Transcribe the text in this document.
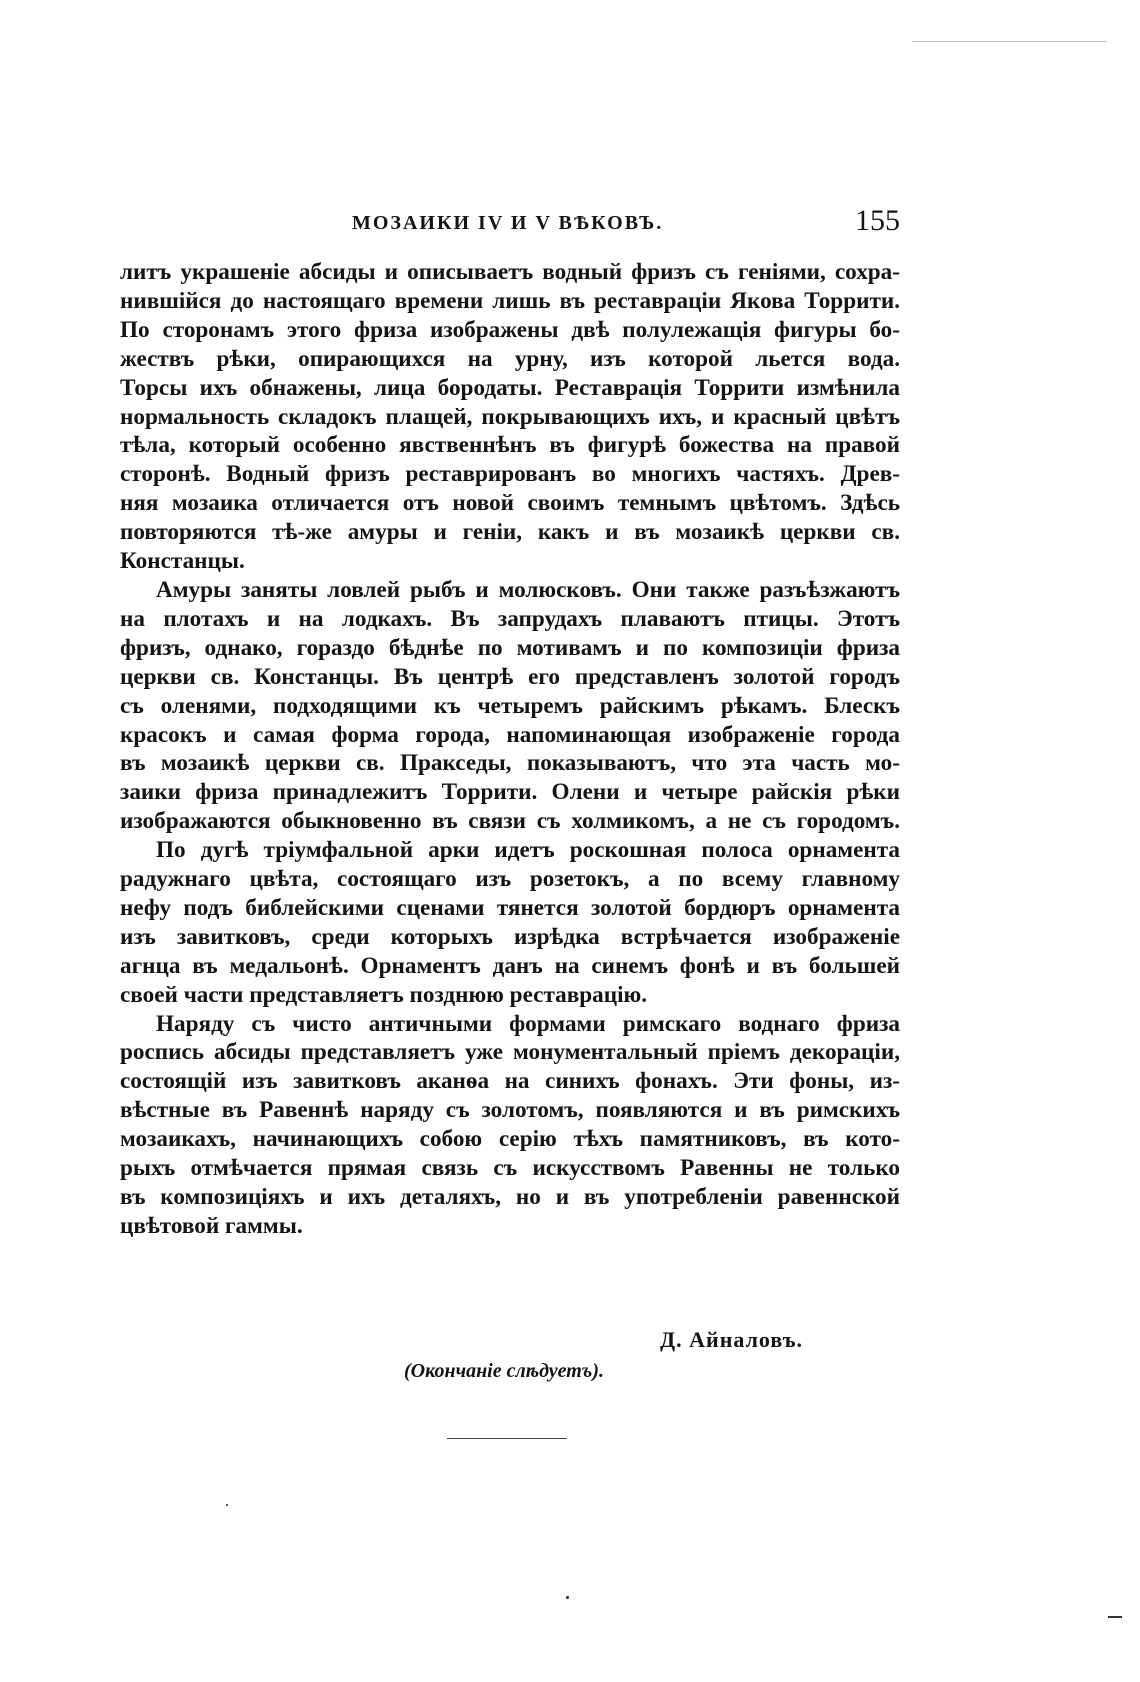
МОЗАИКИ IV И V ВѢКОВЪ.	155

литъ украшеніе абсиды и описываетъ водный фризъ съ геніями, сохра-
нившійся до настоящаго времени лишь въ реставраціи Якова Торрити.
По сторонамъ этого фриза изображены двѣ полулежащія фигуры бо-
жествъ рѣки, опирающихся на урну, изъ которой льется вода.
Торсы ихъ обнажены, лица бородаты. Реставрація Торрити измѣнила
нормальность складокъ плащей, покрывающихъ ихъ, и красный цвѣтъ
тѣла, который особенно явственнѣнъ въ фигурѣ божества на правой
сторонѣ. Водный фризъ реставрированъ во многихъ частяхъ. Древ-
няя мозаика отличается отъ новой своимъ темнымъ цвѣтомъ. Здѣсь
повторяются тѣ-же амуры и геніи, какъ и въ мозаикѣ церкви св.
Констанцы.

Амуры заняты ловлей рыбъ и молюсковъ. Они также разъѣзжаютъ
на плотахъ и на лодкахъ. Въ запрудахъ плаваютъ птицы. Этотъ
фризъ, однако, гораздо бѣднѣе по мотивамъ и по композиціи фриза
церкви св. Констанцы. Въ центрѣ его представленъ золотой городъ
съ оленями, подходящими къ четыремъ райскимъ рѣкамъ. Блескъ
красокъ и самая форма города, напоминающая изображеніе города
въ мозаикѣ церкви св. Пракседы, показываютъ, что эта часть мо-
заики фриза принадлежитъ Торрити. Олени и четыре райскія рѣки
изображаются обыкновенно въ связи съ холмикомъ, а не съ городомъ.

По дугѣ тріумфальной арки идетъ роскошная полоса орнамента
радужнаго цвѣта, состоящаго изъ розетокъ, а по всему главному
нефу подъ библейскими сценами тянется золотой бордюръ орнамента
изъ завитковъ, среди которыхъ изрѣдка встрѣчается изображеніе
агнца въ медальонѣ. Орнаментъ данъ на синемъ фонѣ и въ большей
своей части представляетъ позднюю реставрацію.

Наряду съ чисто античными формами римскаго воднаго фриза
роспись абсиды представляетъ уже монументальный пріемъ декораціи,
состоящій изъ завитковъ аканѳа на синихъ фонахъ. Эти фоны, из-
вѣстные въ Равеннѣ наряду съ золотомъ, появляются и въ римскихъ
мозаикахъ, начинающихъ собою серію тѣхъ памятниковъ, въ кото-
рыхъ отмѣчается прямая связь съ искусствомъ Равенны не только
въ композиціяхъ и ихъ деталяхъ, но и въ употребленіи равеннской
цвѣтовой гаммы.

Д. Айналовъ.
(Окончаніе слѣдуетъ).
